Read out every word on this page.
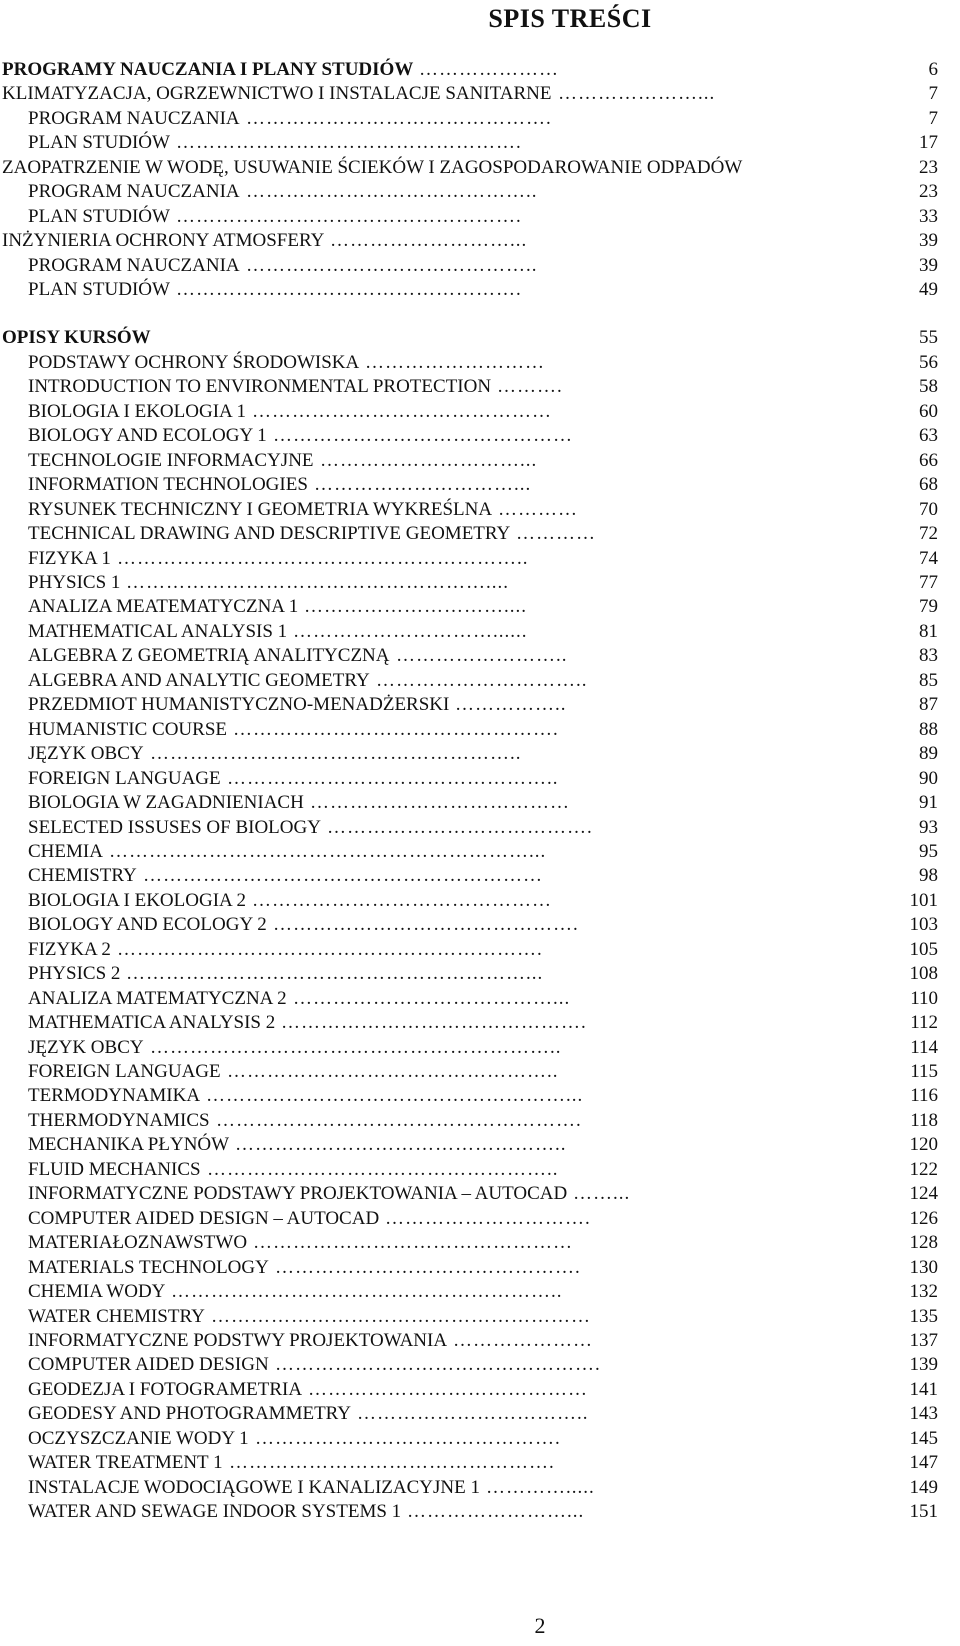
SPIS TREŚCI
PROGRAMY NAUCZANIA I PLANY STUDIÓW …………………	6
KLIMATYZACJA, OGRZEWNICTWO I INSTALACJE SANITARNE …………………...	7
PROGRAM NAUCZANIA ……………………………………….	7
PLAN STUDIÓW …………………………………………….	17
ZAOPATRZENIE W WODĘ, USUWANIE ŚCIEKÓW I ZAGOSPODAROWANIE ODPADÓW	23
PROGRAM NAUCZANIA ……………………………………..	23
PLAN STUDIÓW …………………………………………….	33
INŻYNIERIA OCHRONY ATMOSFERY ………………………...	39
PROGRAM NAUCZANIA ……………………………………..	39
PLAN STUDIÓW …………………………………………….	49
OPISY KURSÓW	55
PODSTAWY OCHRONY ŚRODOWISKA ………………………	56
INTRODUCTION TO ENVIRONMENTAL PROTECTION ……….	58
BIOLOGIA I EKOLOGIA 1 ………………………………………	60
BIOLOGY AND ECOLOGY 1 ………………………………………	63
TECHNOLOGIE INFORMACYJNE …………………………...	66
INFORMATION TECHNOLOGIES …………………………...	68
RYSUNEK TECHNICZNY I GEOMETRIA WYKREŚLNA …………	70
TECHNICAL DRAWING AND DESCRIPTIVE GEOMETRY …………	72
FIZYKA 1 ……………………………………………………..	74
PHYSICS 1 ………………………………………………....	77
ANALIZA MEATEMATYCZNA 1 …………………………....	79
MATHEMATICAL ANALYSIS 1 …………………………......	81
ALGEBRA Z GEOMETRIĄ ANALITYCZNĄ ……………………..	83
ALGEBRA AND ANALYTIC GEOMETRY …………………………..	85
PRZEDMIOT HUMANISTYCZNO-MENADŻERSKI ……………..	87
HUMANISTIC COURSE ………………………………………….	88
JĘZYK OBCY ………………………………………………..	89
FOREIGN LANGUAGE …………………………………………..	90
BIOLOGIA W ZAGADNIENIACH …………………………………	91
SELECTED ISSUSES OF BIOLOGY ………………………………….	93
CHEMIA ………………………………………………………...	95
CHEMISTRY ……………………………………………………	98
BIOLOGIA I EKOLOGIA 2 ………………………………………	101
BIOLOGY AND ECOLOGY 2 ……………………………………….	103
FIZYKA 2 ……………………………………………………….	105
PHYSICS 2 ……………………………………………………...	108
ANALIZA MATEMATYCZNA 2 …………………………………...	110
MATHEMATICA ANALYSIS 2 ……………………………………….	112
JĘZYK OBCY ……………………………………………………..	114
FOREIGN LANGUAGE …………………………………………..	115
TERMODYNAMIKA ………………………………………………...	116
THERMODYNAMICS ……………………………………………….	118
MECHANIKA PŁYNÓW …………………………………………..	120
FLUID MECHANICS ……………………………………………..	122
INFORMATYCZNE PODSTAWY PROJEKTOWANIA – AUTOCAD ……...	124
COMPUTER AIDED DESIGN – AUTOCAD ………………………….	126
MATERIAŁOZNAWSTWO …………………………………………	128
MATERIALS TECHNOLOGY ……………………………………….	130
CHEMIA WODY …………………………………………………..	132
WATER CHEMISTRY …………………………………………………	135
INFORMATYCZNE PODSTWY PROJEKTOWANIA …………………	137
COMPUTER AIDED DESIGN ………………………………………….	139
GEODEZJA I FOTOGRAMETRIA ……………………………………	141
GEODESY AND PHOTOGRAMMETRY ……………………………..	143
OCZYSZCZANIE WODY 1 ……………………………………….	145
WATER TREATMENT 1 ………………………………………….	147
INSTALACJE WODOCIĄGOWE I KANALIZACYJNE 1 ………….....	149
WATER AND SEWAGE INDOOR SYSTEMS 1 ……………………...	151
2
